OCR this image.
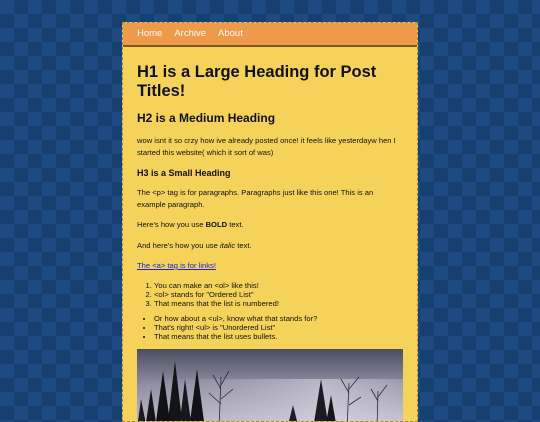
Home Archive About
H1 is a Large Heading for Post Titles!
H2 is a Medium Heading

wow isnt it so crzy how ive already posted once! it feels like yesterdayw hen I started this website( which it sort of was)

H3 is a Small Heading

The <p> tag is for paragraphs. Paragraphs just like this one! This is an example paragraph.

Here's how you use BOLD text.

And here's how you use italic text.

The <a> tag is for links!

1. You can make an <ol> like this!
2. <ol> stands for "Ordered List"
3. That means that the list is numbered!
• Or how about a <ul>, know what that stands for?
• That's right! <ul> is "Unordered List"
• That means that the list uses bullets.
